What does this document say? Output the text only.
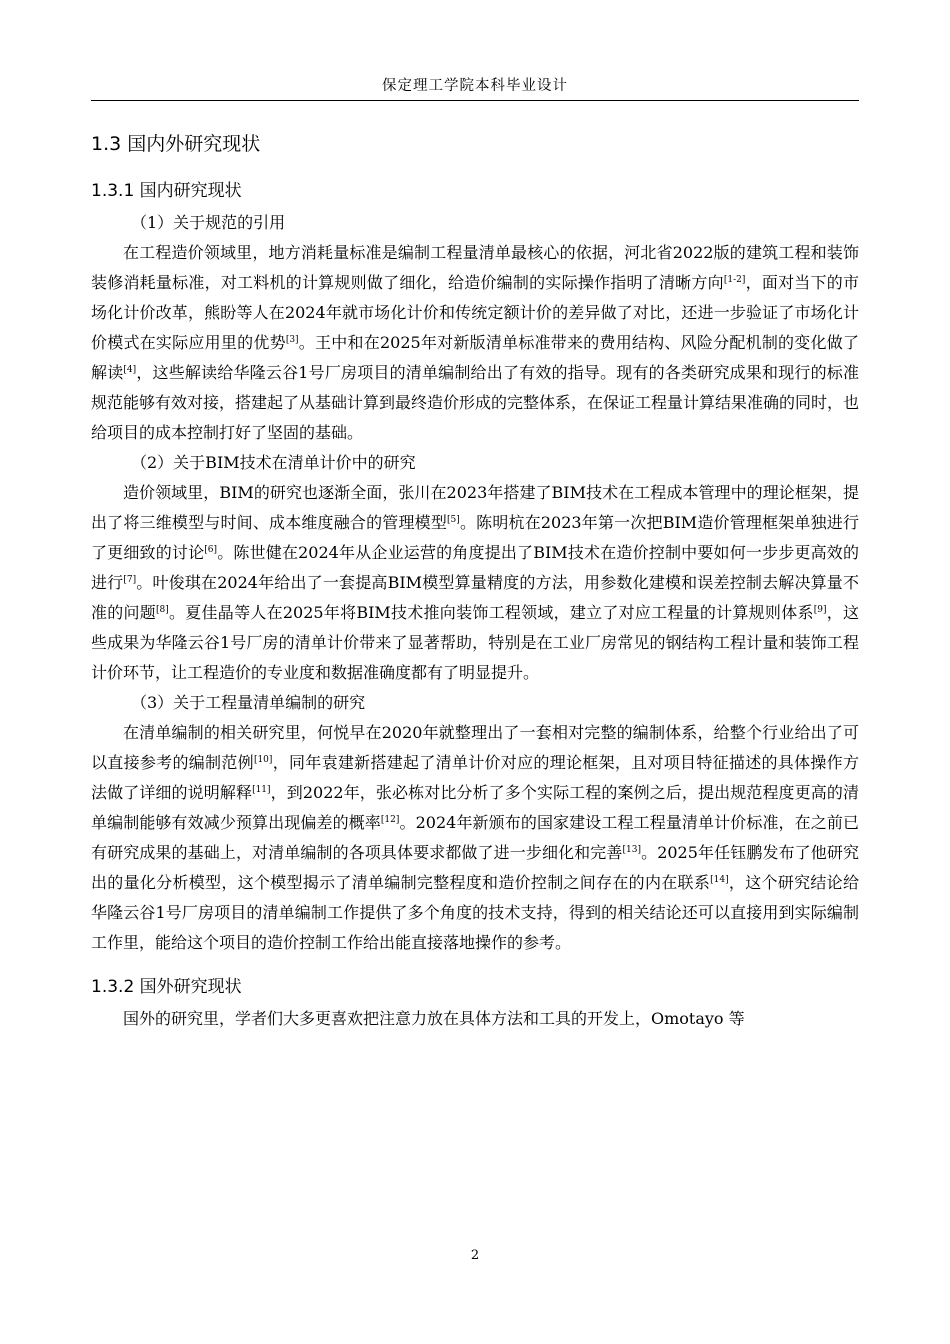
保定理工学院本科毕业设计
1.3 国内外研究现状
1.3.1 国内研究现状

（1）关于规范的引用

在工程造价领域里，地方消耗量标准是编制工程量清单最核心的依据，河北省2022版的建筑工程和装饰装修消耗量标准，对工料机的计算规则做了细化，给造价编制的实际操作指明了清晰方向[1-2]，面对当下的市场化计价改革，熊盼等人在2024年就市场化计价和传统定额计价的差异做了对比，还进一步验证了市场化计价模式在实际应用里的优势[3]。王中和在2025年对新版清单标准带来的费用结构、风险分配机制的变化做了解读[4]，这些解读给华隆云谷1号厂房项目的清单编制给出了有效的指导。现有的各类研究成果和现行的标准规范能够有效对接，搭建起了从基础计算到最终造价形成的完整体系，在保证工程量计算结果准确的同时，也给项目的成本控制打好了坚固的基础。

（2）关于BIM技术在清单计价中的研究

造价领域里，BIM的研究也逐渐全面，张川在2023年搭建了BIM技术在工程成本管理中的理论框架，提出了将三维模型与时间、成本维度融合的管理模型[5]。陈明杭在2023年第一次把BIM造价管理框架单独进行了更细致的讨论[6]。陈世健在2024年从企业运营的角度提出了BIM技术在造价控制中要如何一步步更高效的进行[7]。叶俊琪在2024年给出了一套提高BIM模型算量精度的方法，用参数化建模和误差控制去解决算量不准的问题[8]。夏佳晶等人在2025年将BIM技术推向装饰工程领域，建立了对应工程量的计算规则体系[9]，这些成果为华隆云谷1号厂房的清单计价带来了显著帮助，特别是在工业厂房常见的钢结构工程计量和装饰工程计价环节，让工程造价的专业度和数据准确度都有了明显提升。

（3）关于工程量清单编制的研究

在清单编制的相关研究里，何悦早在2020年就整理出了一套相对完整的编制体系，给整个行业给出了可以直接参考的编制范例[10]，同年袁建新搭建起了清单计价对应的理论框架，且对项目特征描述的具体操作方法做了详细的说明解释[11]，到2022年，张必栋对比分析了多个实际工程的案例之后，提出规范程度更高的清单编制能够有效减少预算出现偏差的概率[12]。2024年新颁布的国家建设工程工程量清单计价标准，在之前已有研究成果的基础上，对清单编制的各项具体要求都做了进一步细化和完善[13]。2025年任钰鹏发布了他研究出的量化分析模型，这个模型揭示了清单编制完整程度和造价控制之间存在的内在联系[14]，这个研究结论给华隆云谷1号厂房项目的清单编制工作提供了多个角度的技术支持，得到的相关结论还可以直接用到实际编制工作里，能给这个项目的造价控制工作给出能直接落地操作的参考。

1.3.2 国外研究现状

国外的研究里，学者们大多更喜欢把注意力放在具体方法和工具的开发上，Omotayo 等

2
